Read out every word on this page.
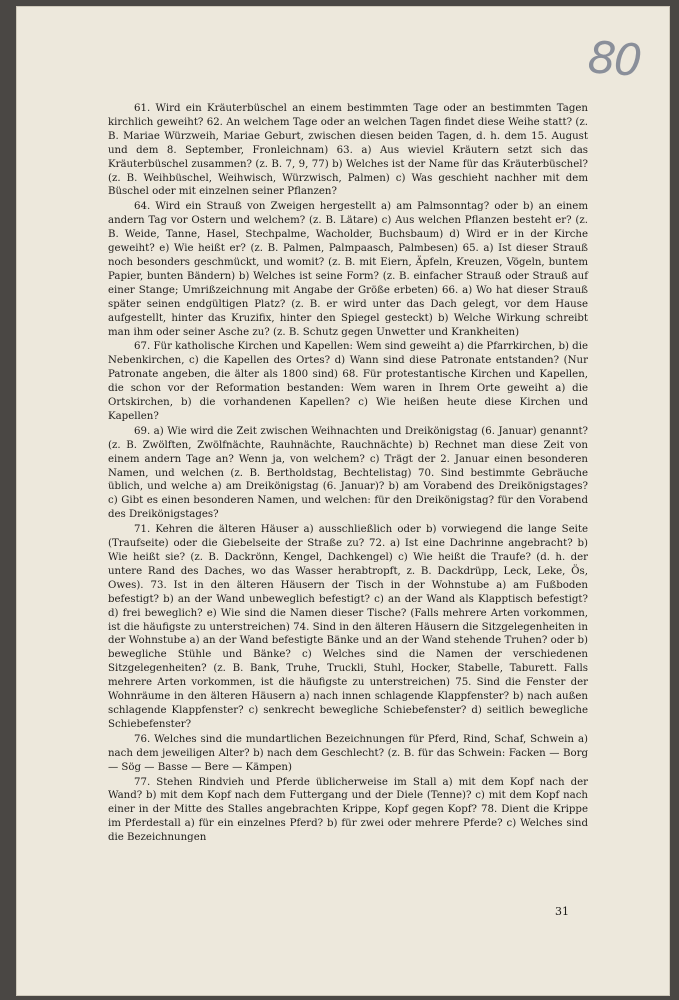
80

61. Wird ein Kräuterbüschel an einem bestimmten Tage oder an bestimmten Tagen kirchlich geweiht? 62. An welchem Tage oder an welchen Tagen findet diese Weihe statt? (z. B. Mariae Würzweih, Mariae Geburt, zwischen diesen beiden Tagen, d. h. dem 15. August und dem 8. September, Fronleichnam) 63. a) Aus wieviel Kräutern setzt sich das Kräuterbüschel zusammen? (z. B. 7, 9, 77) b) Welches ist der Name für das Kräuterbüschel? (z. B. Weihbüschel, Weihwisch, Würzwisch, Palmen) c) Was geschieht nachher mit dem Büschel oder mit einzelnen seiner Pflanzen?

64. Wird ein Strauß von Zweigen hergestellt a) am Palmsonntag? oder b) an einem andern Tag vor Ostern und welchem? (z. B. Lätare) c) Aus welchen Pflanzen besteht er? (z. B. Weide, Tanne, Hasel, Stechpalme, Wacholder, Buchsbaum) d) Wird er in der Kirche geweiht? e) Wie heißt er? (z. B. Palmen, Palmpaasch, Palmbesen) 65. a) Ist dieser Strauß noch besonders geschmückt, und womit? (z. B. mit Eiern, Äpfeln, Kreuzen, Vögeln, buntem Papier, bunten Bändern) b) Welches ist seine Form? (z. B. einfacher Strauß oder Strauß auf einer Stange; Umrißzeichnung mit Angabe der Größe erbeten) 66. a) Wo hat dieser Strauß später seinen endgültigen Platz? (z. B. er wird unter das Dach gelegt, vor dem Hause aufgestellt, hinter das Kruzifix, hinter den Spiegel gesteckt) b) Welche Wirkung schreibt man ihm oder seiner Asche zu? (z. B. Schutz gegen Unwetter und Krankheiten)

67. Für katholische Kirchen und Kapellen: Wem sind geweiht a) die Pfarrkirchen, b) die Nebenkirchen, c) die Kapellen des Ortes? d) Wann sind diese Patronate entstanden? (Nur Patronate angeben, die älter als 1800 sind) 68. Für protestantische Kirchen und Kapellen, die schon vor der Reformation bestanden: Wem waren in Ihrem Orte geweiht a) die Ortskirchen, b) die vorhandenen Kapellen? c) Wie heißen heute diese Kirchen und Kapellen?

69. a) Wie wird die Zeit zwischen Weihnachten und Dreikönigstag (6. Januar) genannt? (z. B. Zwölften, Zwölfnächte, Rauhnächte, Rauchnächte) b) Rechnet man diese Zeit von einem andern Tage an? Wenn ja, von welchem? c) Trägt der 2. Januar einen besonderen Namen, und welchen (z. B. Bertholdstag, Bechtelistag) 70. Sind bestimmte Gebräuche üblich, und welche a) am Dreikönigstag (6. Januar)? b) am Vorabend des Dreikönigstages? c) Gibt es einen besonderen Namen, und welchen: für den Dreikönigstag? für den Vorabend des Dreikönigstages?

71. Kehren die älteren Häuser a) ausschließlich oder b) vorwiegend die lange Seite (Traufseite) oder die Giebelseite der Straße zu? 72. a) Ist eine Dachrinne angebracht? b) Wie heißt sie? (z. B. Dackrönn, Kengel, Dachkengel) c) Wie heißt die Traufe? (d. h. der untere Rand des Daches, wo das Wasser herabtropft, z. B. Dackdrüpp, Leck, Leke, Ös, Owes). 73. Ist in den älteren Häusern der Tisch in der Wohnstube a) am Fußboden befestigt? b) an der Wand unbeweglich befestigt? c) an der Wand als Klapptisch befestigt? d) frei beweglich? e) Wie sind die Namen dieser Tische? (Falls mehrere Arten vorkommen, ist die häufigste zu unterstreichen) 74. Sind in den älteren Häusern die Sitzgelegenheiten in der Wohnstube a) an der Wand befestigte Bänke und an der Wand stehende Truhen? oder b) bewegliche Stühle und Bänke? c) Welches sind die Namen der verschiedenen Sitzgelegenheiten? (z. B. Bank, Truhe, Truckli, Stuhl, Hocker, Stabelle, Taburett. Falls mehrere Arten vorkommen, ist die häufigste zu unterstreichen) 75. Sind die Fenster der Wohnräume in den älteren Häusern a) nach innen schlagende Klappfenster? b) nach außen schlagende Klappfenster? c) senkrecht bewegliche Schiebefenster? d) seitlich bewegliche Schiebefenster?

76. Welches sind die mundartlichen Bezeichnungen für Pferd, Rind, Schaf, Schwein a) nach dem jeweiligen Alter? b) nach dem Geschlecht? (z. B. für das Schwein: Facken — Borg — Sög — Basse — Bere — Kämpen)

77. Stehen Rindvieh und Pferde üblicherweise im Stall a) mit dem Kopf nach der Wand? b) mit dem Kopf nach dem Futtergang und der Diele (Tenne)? c) mit dem Kopf nach einer in der Mitte des Stalles angebrachten Krippe, Kopf gegen Kopf? 78. Dient die Krippe im Pferdestall a) für ein einzelnes Pferd? b) für zwei oder mehrere Pferde? c) Welches sind die Bezeichnungen

31
